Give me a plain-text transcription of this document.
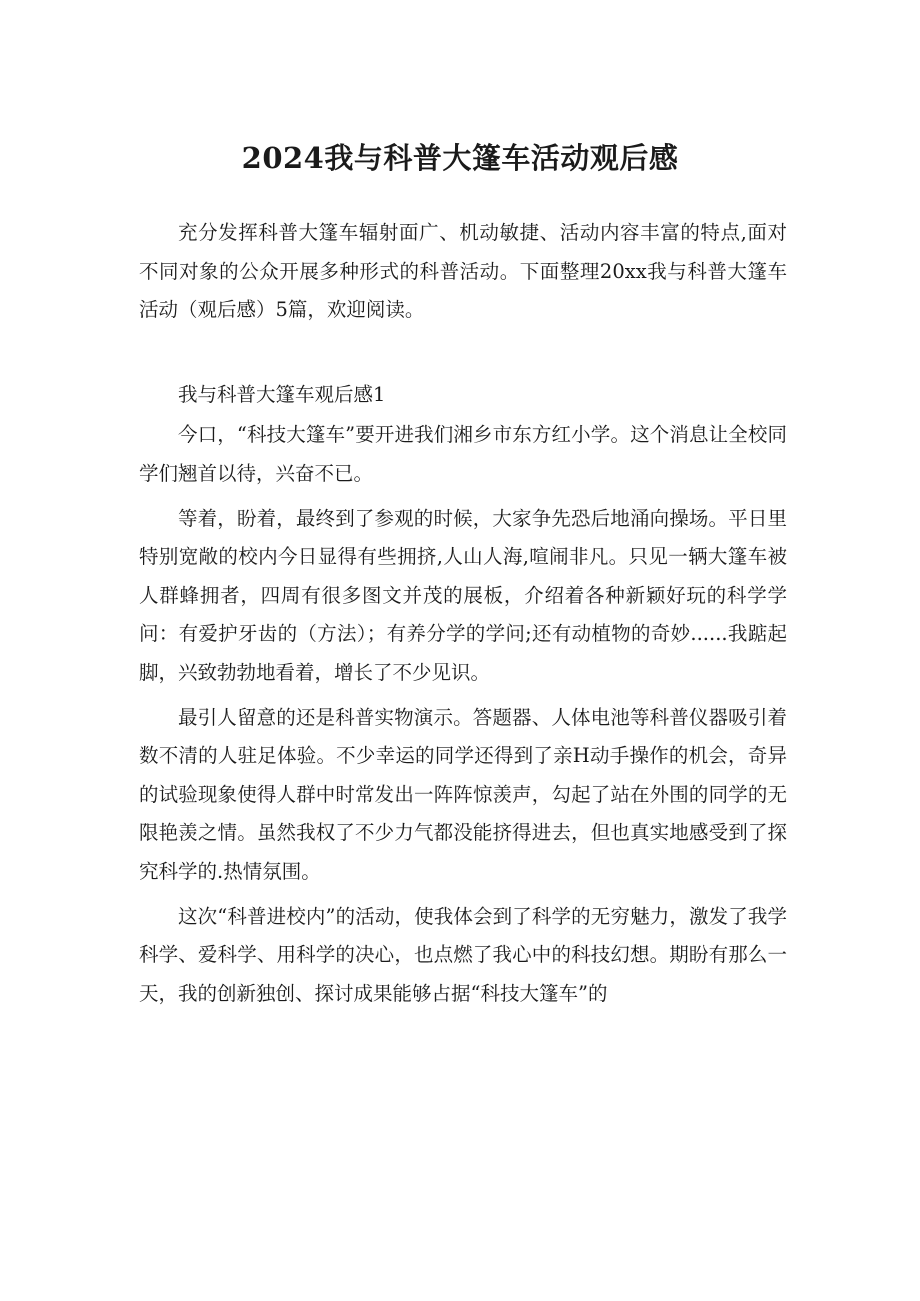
2024我与科普大篷车活动观后感

充分发挥科普大篷车辐射面广、机动敏捷、活动内容丰富的特点,面对不同对象的公众开展多种形式的科普活动。下面整理20xx我与科普大篷车活动（观后感）5篇，欢迎阅读。

我与科普大篷车观后感1

今口，“科技大篷车”要开进我们湘乡市东方红小学。这个消息让全校同学们翘首以待，兴奋不已。

等着，盼着，最终到了参观的时候，大家争先恐后地涌向操场。平日里特别宽敞的校内今日显得有些拥挤,人山人海,喧闹非凡。只见一辆大篷车被人群蜂拥者，四周有很多图文并茂的展板，介绍着各种新颖好玩的科学学问：有爱护牙齿的（方法）；有养分学的学问;还有动植物的奇妙......我踮起脚，兴致勃勃地看着，增长了不少见识。

最引人留意的还是科普实物演示。答题器、人体电池等科普仪器吸引着数不清的人驻足体验。不少幸运的同学还得到了亲H动手操作的机会，奇异的试验现象使得人群中时常发出一阵阵惊羡声，勾起了站在外围的同学的无限艳羡之情。虽然我权了不少力气都没能挤得进去，但也真实地感受到了探究科学的.热情氛围。

这次“科普进校内”的活动，使我体会到了科学的无穷魅力，激发了我学科学、爱科学、用科学的决心，也点燃了我心中的科技幻想。期盼有那么一天，我的创新独创、探讨成果能够占据“科技大篷车”的
